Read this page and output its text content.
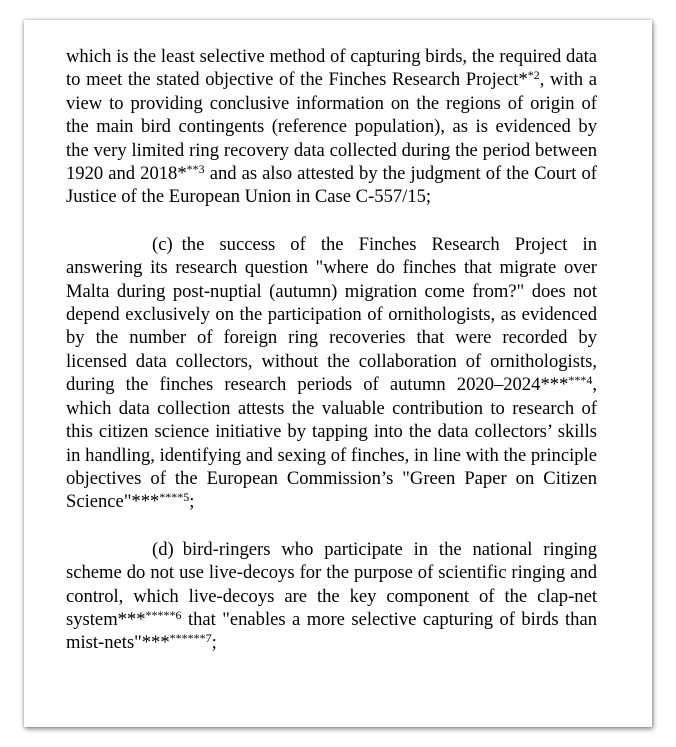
which is the least selective method of capturing birds, the required data to meet the stated objective of the Finches Research Project*$^{*2}$, with a view to providing conclusive information on the regions of origin of the main bird contingents (reference population), as is evidenced by the very limited ring recovery data collected during the period between 1920 and 2018*$^{**3}$ and as also attested by the judgment of the Court of Justice of the European Union in Case C-557/15;

(c) the success of the Finches Research Project in answering its research question "where do finches that migrate over Malta during post-nuptial (autumn) migration come from?" does not depend exclusively on the participation of ornithologists, as evidenced by the number of foreign ring recoveries that were recorded by licensed data collectors, without the collaboration of ornithologists, during the finches research periods of autumn 2020–2024***$^{***4}$, which data collection attests the valuable contribution to research of this citizen science initiative by tapping into the data collectors’ skills in handling, identifying and sexing of finches, in line with the principle objectives of the European Commission’s "Green Paper on Citizen Science"***$^{****5}$;

(d) bird-ringers who participate in the national ringing scheme do not use live-decoys for the purpose of scientific ringing and control, which live-decoys are the key component of the clap-net system***$^{*****6}$ that "enables a more selective capturing of birds than mist-nets"***$^{******7}$;
